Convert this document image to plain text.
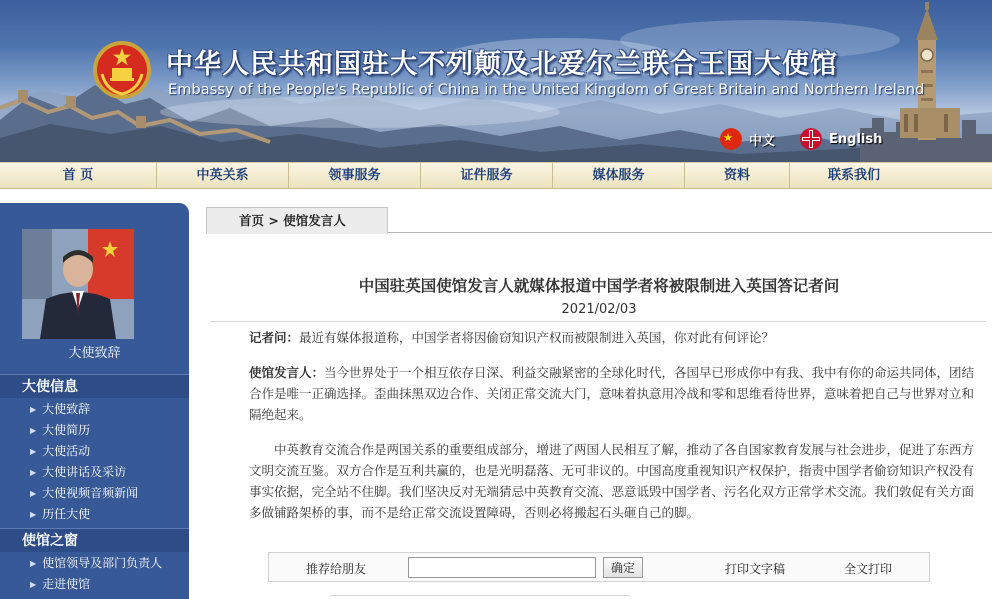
中华人民共和国驻大不列颠及北爱尔兰联合王国大使馆
Embassy of the People's Republic of China in the United Kingdom of Great Britain and Northern Ireland
中文	English
首 页	中英关系	领事服务	证件服务	媒体服务	资料	联系我们
大使致辞
大使信息
▶ 大使致辞
▶ 大使简历
▶ 大使活动
▶ 大使讲话及采访
▶ 大使视频音频新闻
▶ 历任大使
使馆之窗
▶ 使馆领导及部门负责人
▶ 走进使馆
首页 > 使馆发言人
中国驻英国使馆发言人就媒体报道中国学者将被限制进入英国答记者问
2021/02/03
记者问：最近有媒体报道称，中国学者将因偷窃知识产权而被限制进入英国，你对此有何评论？
使馆发言人：当今世界处于一个相互依存日深、利益交融紧密的全球化时代，各国早已形成你中有我、我中有你的命运共同体，团结合作是唯一正确选择。歪曲抹黑双边合作、关闭正常交流大门，意味着执意用冷战和零和思维看待世界，意味着把自己与世界对立和隔绝起来。
中英教育交流合作是两国关系的重要组成部分，增进了两国人民相互了解，推动了各自国家教育发展与社会进步，促进了东西方文明交流互鉴。双方合作是互利共赢的，也是光明磊落、无可非议的。中国高度重视知识产权保护，指责中国学者偷窃知识产权没有事实依据，完全站不住脚。我们坚决反对无端猜忌中英教育交流、恶意诋毁中国学者、污名化双方正常学术交流。我们敦促有关方面多做铺路架桥的事，而不是给正常交流设置障碍，否则必将搬起石头砸自己的脚。
推荐给朋友	确定	打印文字稿	全文打印
